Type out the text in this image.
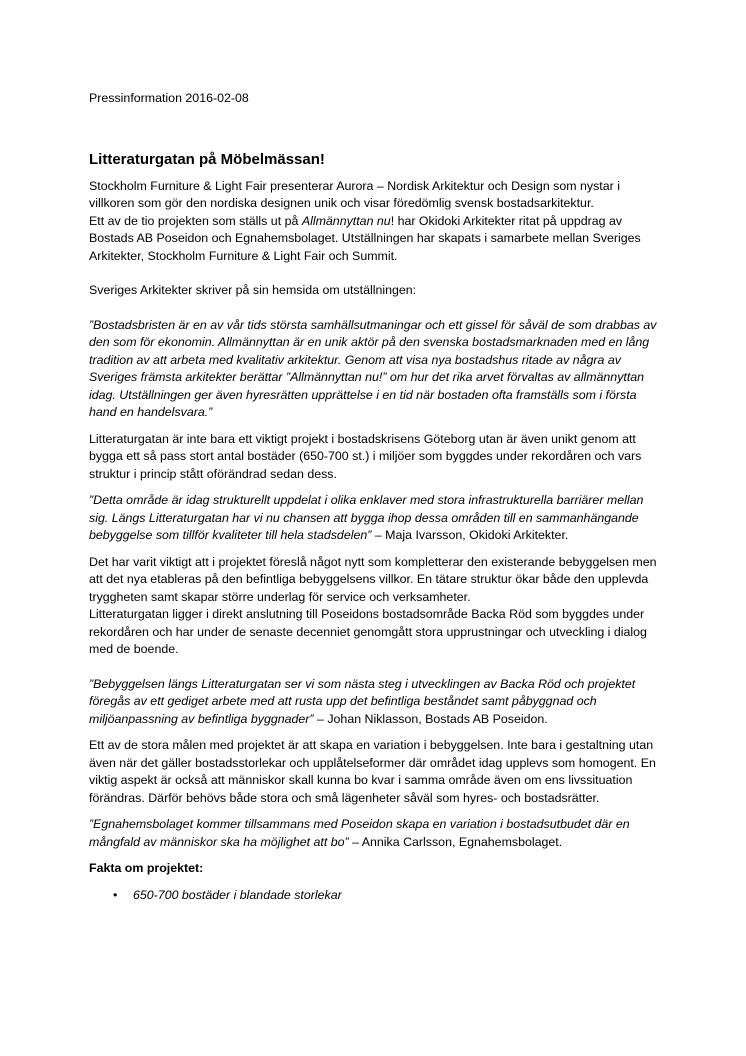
Pressinformation 2016-02-08

Litteraturgatan på Möbelmässan!

Stockholm Furniture & Light Fair presenterar Aurora – Nordisk Arkitektur och Design som nystar i villkoren som gör den nordiska designen unik och visar föredömlig svensk bostadsarkitektur.
Ett av de tio projekten som ställs ut på Allmännyttan nu! har Okidoki Arkitekter ritat på uppdrag av Bostads AB Poseidon och Egnahemsbolaget. Utställningen har skapats i samarbete mellan Sveriges Arkitekter, Stockholm Furniture & Light Fair och Summit.

Sveriges Arkitekter skriver på sin hemsida om utställningen:

”Bostadsbristen är en av vår tids största samhällsutmaningar och ett gissel för såväl de som drabbas av den som för ekonomin. Allmännyttan är en unik aktör på den svenska bostadsmarknaden med en lång tradition av att arbeta med kvalitativ arkitektur. Genom att visa nya bostadshus ritade av några av Sveriges främsta arkitekter berättar ”Allmännyttan nu!” om hur det rika arvet förvaltas av allmännyttan idag. Utställningen ger även hyresrätten upprättelse i en tid när bostaden ofta framställs som i första hand en handelsvara.”

Litteraturgatan är inte bara ett viktigt projekt i bostadskrisens Göteborg utan är även unikt genom att bygga ett så pass stort antal bostäder (650-700 st.) i miljöer som byggdes under rekordåren och vars struktur i princip stått oförändrad sedan dess.

”Detta område är idag strukturellt uppdelat i olika enklaver med stora infrastrukturella barriärer mellan sig. Längs Litteraturgatan har vi nu chansen att bygga ihop dessa områden till en sammanhängande bebyggelse som tillför kvaliteter till hela stadsdelen” – Maja Ivarsson, Okidoki Arkitekter.

Det har varit viktigt att i projektet föreslå något nytt som kompletterar den existerande bebyggelsen men att det nya etableras på den befintliga bebyggelsens villkor. En tätare struktur ökar både den upplevda tryggheten samt skapar större underlag för service och verksamheter.
Litteraturgatan ligger i direkt anslutning till Poseidons bostadsområde Backa Röd som byggdes under rekordåren och har under de senaste decenniet genomgått stora upprustningar och utveckling i dialog med de boende.

”Bebyggelsen längs Litteraturgatan ser vi som nästa steg i utvecklingen av Backa Röd och projektet föregås av ett gediget arbete med att rusta upp det befintliga beståndet samt påbyggnad och miljöanpassning av befintliga byggnader” – Johan Niklasson, Bostads AB Poseidon.

Ett av de stora målen med projektet är att skapa en variation i bebyggelsen. Inte bara i gestaltning utan även när det gäller bostadsstorlekar och upplåtelseformer där området idag upplevs som homogent. En viktig aspekt är också att människor skall kunna bo kvar i samma område även om ens livssituation förändras. Därför behövs både stora och små lägenheter såväl som hyres- och bostadsrätter.

”Egnahemsbolaget kommer tillsammans med Poseidon skapa en variation i bostadsutbudet där en mångfald av människor ska ha möjlighet att bo” – Annika Carlsson, Egnahemsbolaget.

Fakta om projektet:

• 650-700 bostäder i blandade storlekar
